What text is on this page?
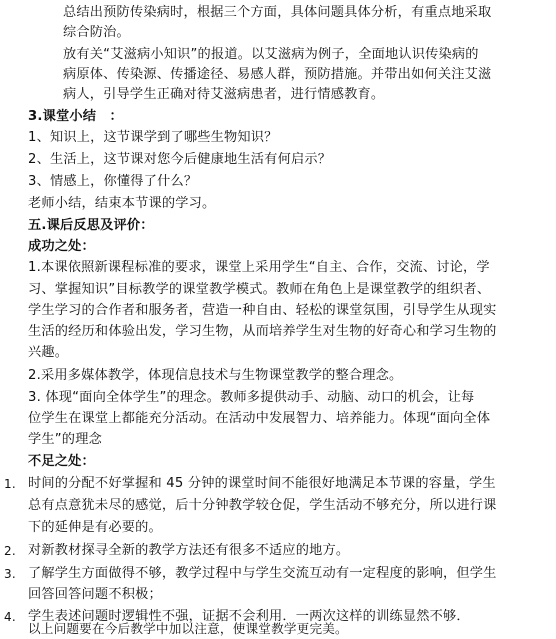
总结出预防传染病时，根据三个方面，具体问题具体分析，有重点地采取
综合防治。
放有关“艾滋病小知识”的报道。以艾滋病为例子，全面地认识传染病的
病原体、传染源、传播途径、易感人群，预防措施。并带出如何关注艾滋
病人，引导学生正确对待艾滋病患者，进行情感教育。
3.课堂小结　：
1、知识上，这节课学到了哪些生物知识？
2、生活上，这节课对您今后健康地生活有何启示？
3、情感上，你懂得了什么？
老师小结，结束本节课的学习。
五.课后反思及评价：
成功之处：
1.本课依照新课程标准的要求，课堂上采用学生“自主、合作，交流、讨论，学
习、掌握知识”目标教学的课堂教学模式。教师在角色上是课堂教学的组织者、
学生学习的合作者和服务者，营造一种自由、轻松的课堂氛围，引导学生从现实
生活的经历和体验出发，学习生物，从而培养学生对生物的好奇心和学习生物的
兴趣。
2.采用多媒体教学，体现信息技术与生物课堂教学的整合理念。
3. 体现“面向全体学生”的理念。教师多提供动手、动脑、动口的机会，让每
位学生在课堂上都能充分活动。在活动中发展智力、培养能力。体现“面向全体
学生”的理念
不足之处：
1. 时间的分配不好掌握和 45 分钟的课堂时间不能很好地满足本节课的容量，学生
总有点意犹未尽的感觉，后十分钟教学较仓促，学生活动不够充分，所以进行课
下的延伸是有必要的。
2. 对新教材探寻全新的教学方法还有很多不适应的地方。
3. 了解学生方面做得不够，教学过程中与学生交流互动有一定程度的影响，但学生
回答回答问题不积极；
4. 学生表述问题时逻辑性不强，证据不会利用．一两次这样的训练显然不够．
以上问题要在今后教学中加以注意，使课堂教学更完美。
